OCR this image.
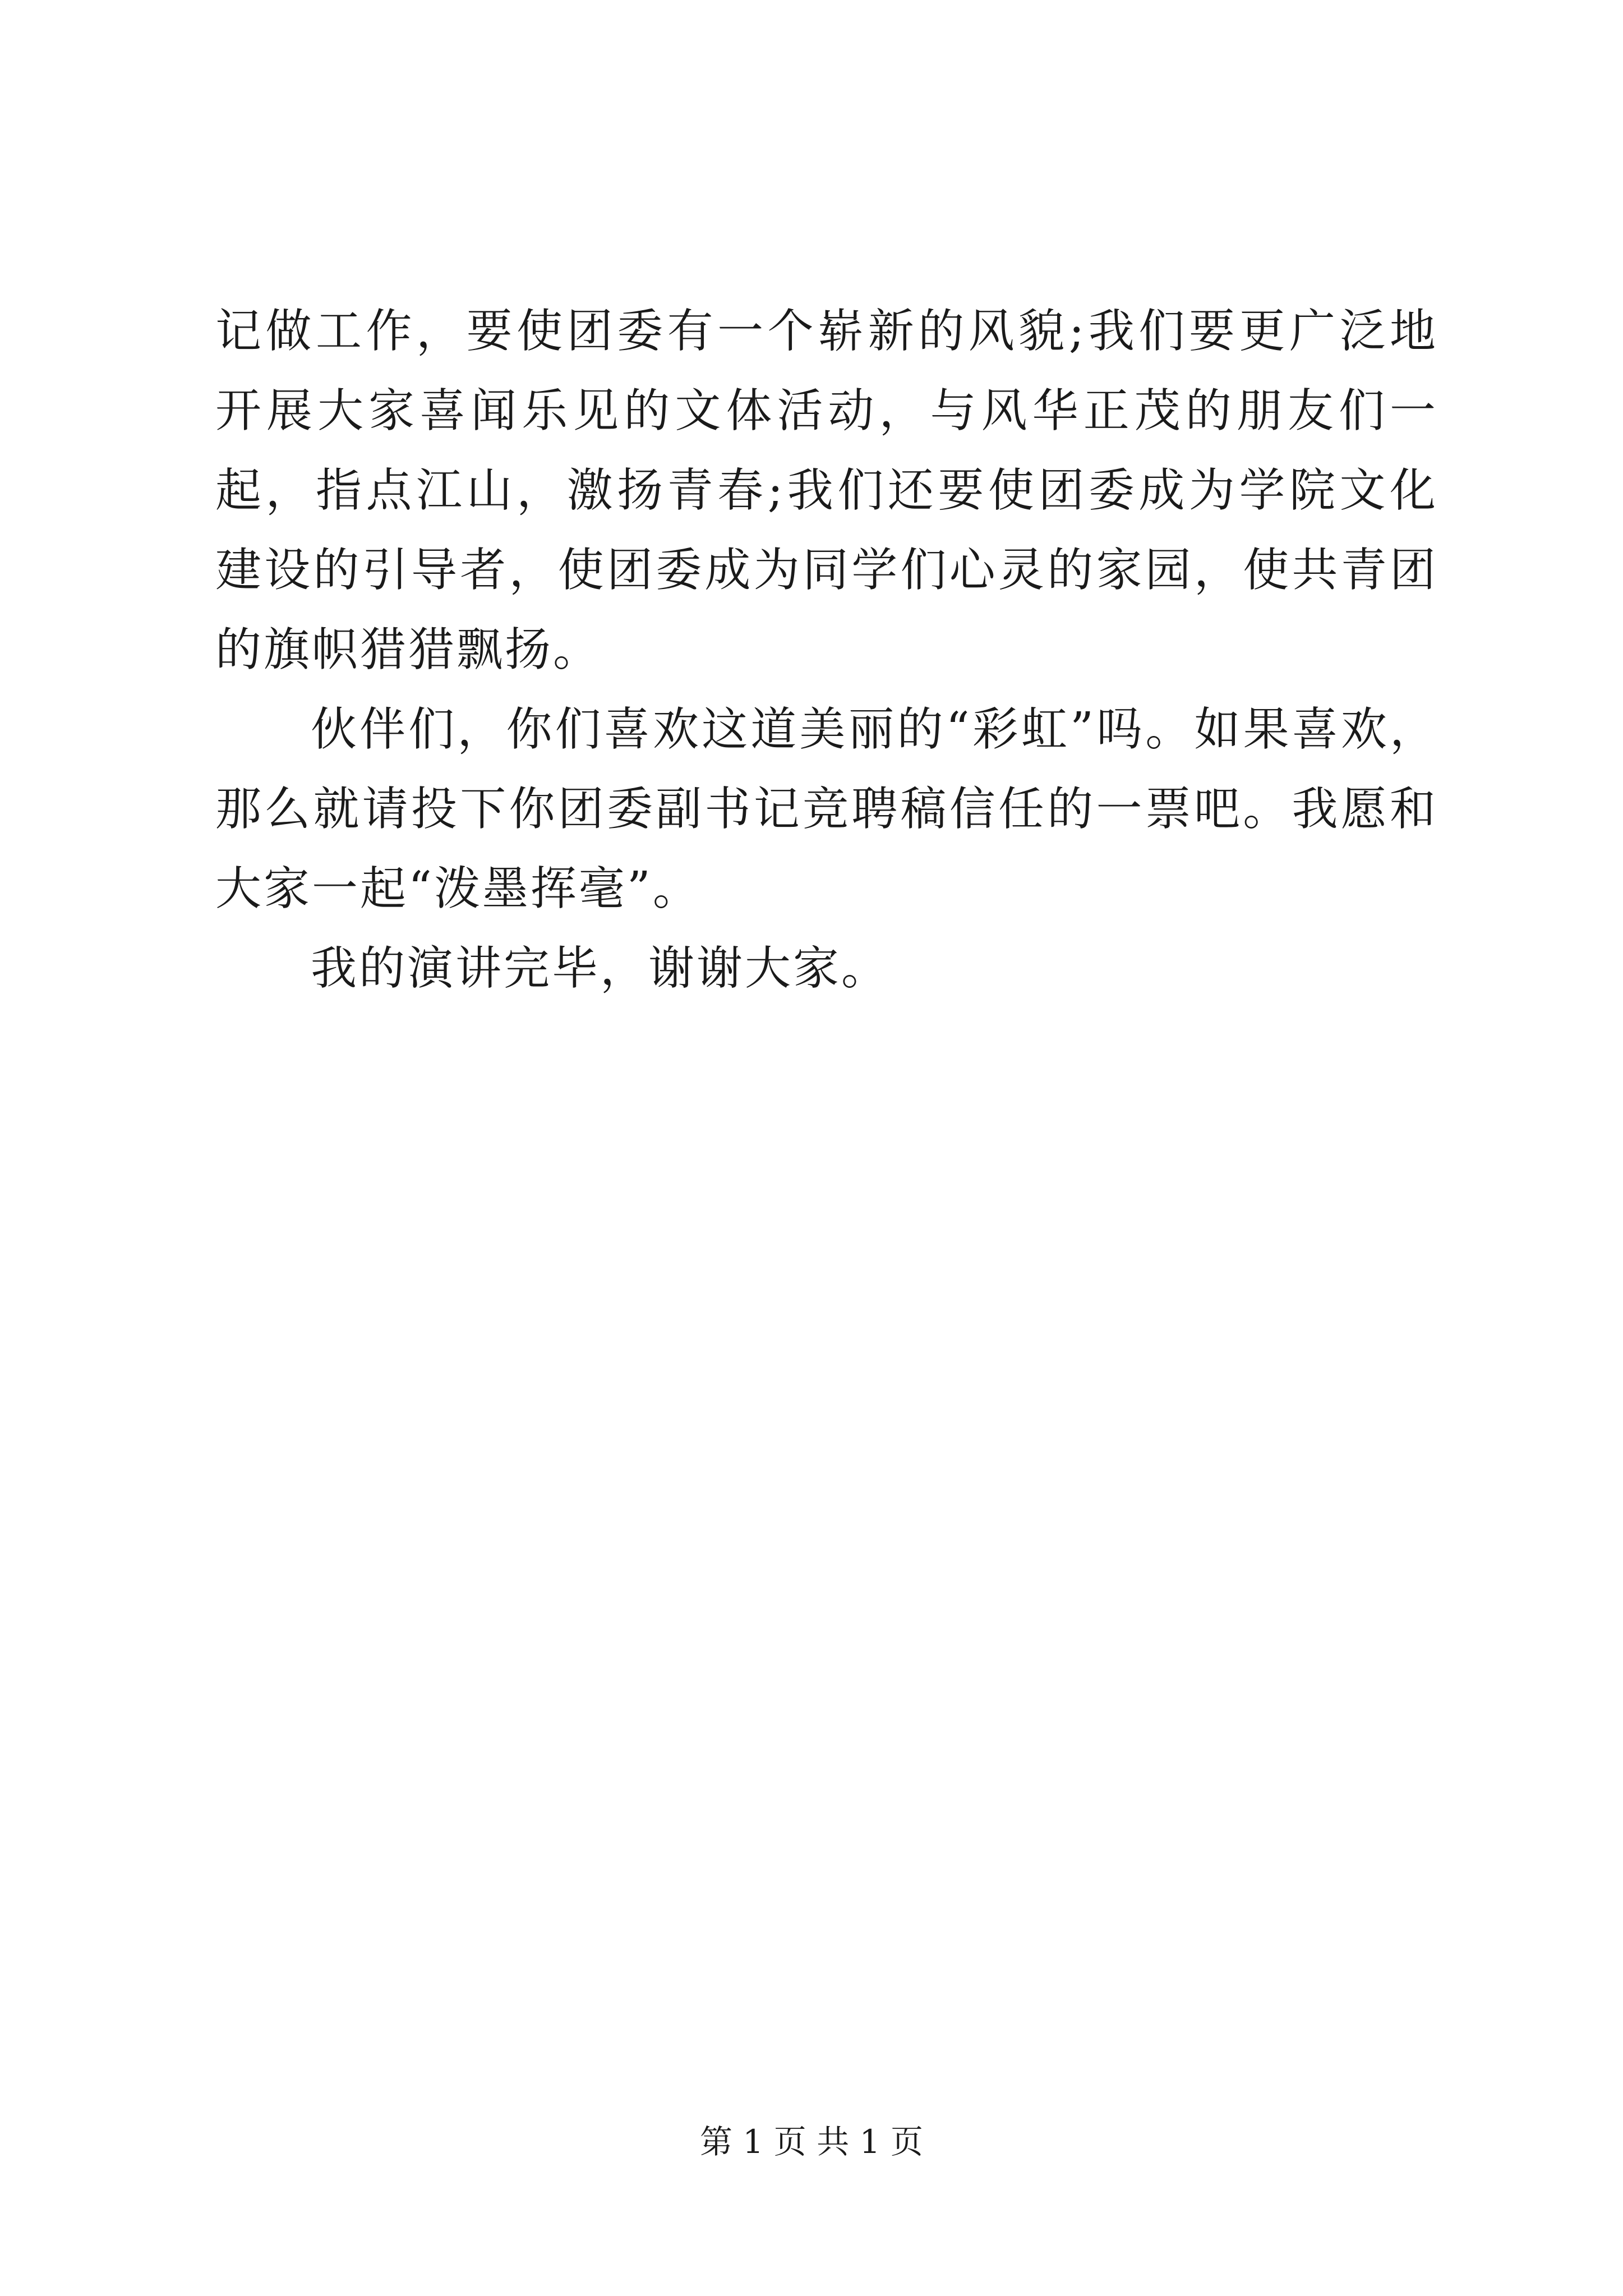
记做工作，要使团委有一个崭新的风貌;我们要更广泛地开展大家喜闻乐见的文体活动，与风华正茂的朋友们一起，指点江山，激扬青春;我们还要使团委成为学院文化建设的引导者，使团委成为同学们心灵的家园，使共青团的旗帜猎猎飘扬。

伙伴们，你们喜欢这道美丽的“彩虹”吗。如果喜欢，那么就请投下你团委副书记竞聘稿信任的一票吧。我愿和大家一起“泼墨挥毫”。

我的演讲完毕，谢谢大家。

第 1 页 共 1 页
